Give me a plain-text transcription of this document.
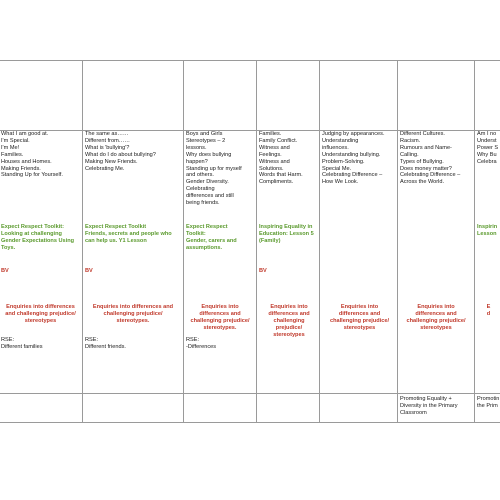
What I am good at.
I'm Special.
I'm Me!
Families.
Houses and Homes.
Making Friends.
Standing Up for Yourself.
Expect Respect Toolkit:
Looking at challenging
Gender Expectations Using
Toys.
BV
Enquiries into differences
and challenging prejudice/
stereotypes
RSE:
Different families
The same as……
Different from……
What is 'bullying'?
What do I do about bullying?
Making New Friends.
Celebrating Me.
Expect Respect Toolkit
Friends, secrets and people who
can help us. Y1 Lesson
BV
Enquiries into differences and
challenging prejudice/
stereotypes.
RSE:
Different friends.
Boys and Girls
Stereotypes – 2
lessons.
Why does bullying
happen?
Standing up for myself
and others.
Gender Diversity.
Celebrating
differences and still
being friends.
Expect Respect
Toolkit:
Gender, carers and
assumptions.
Enquiries into
differences and
challenging prejudice/
stereotypes.
RSE:
-Differences
Families.
Family Conflict.
Witness and
Feelings.
Witness and
Solutions.
Words that Harm.
Compliments.
Inspiring Equality in
Education: Lesson 5
(Family)
BV
Enquiries into
differences and
challenging
prejudice/
stereotypes
Judging by appearances.
Understanding
influences.
Understanding bullying.
Problem-Solving.
Special Me.
Celebrating Difference –
How We Look.
Enquiries into
differences and
challenging prejudice/
stereotypes
Different Cultures.
Racism.
Rumours and Name-
Calling.
Types of Bullying.
Does money matter?
Celebrating Difference –
Across the World.
Enquiries into
differences and
challenging prejudice/
stereotypes
Promoting Equality +
Diversity in the Primary
Classroom
Am I no
Underst
Power S
Why Bu
Celebra
Inspirin
Lesson
E
d
Promotin
the Prim
